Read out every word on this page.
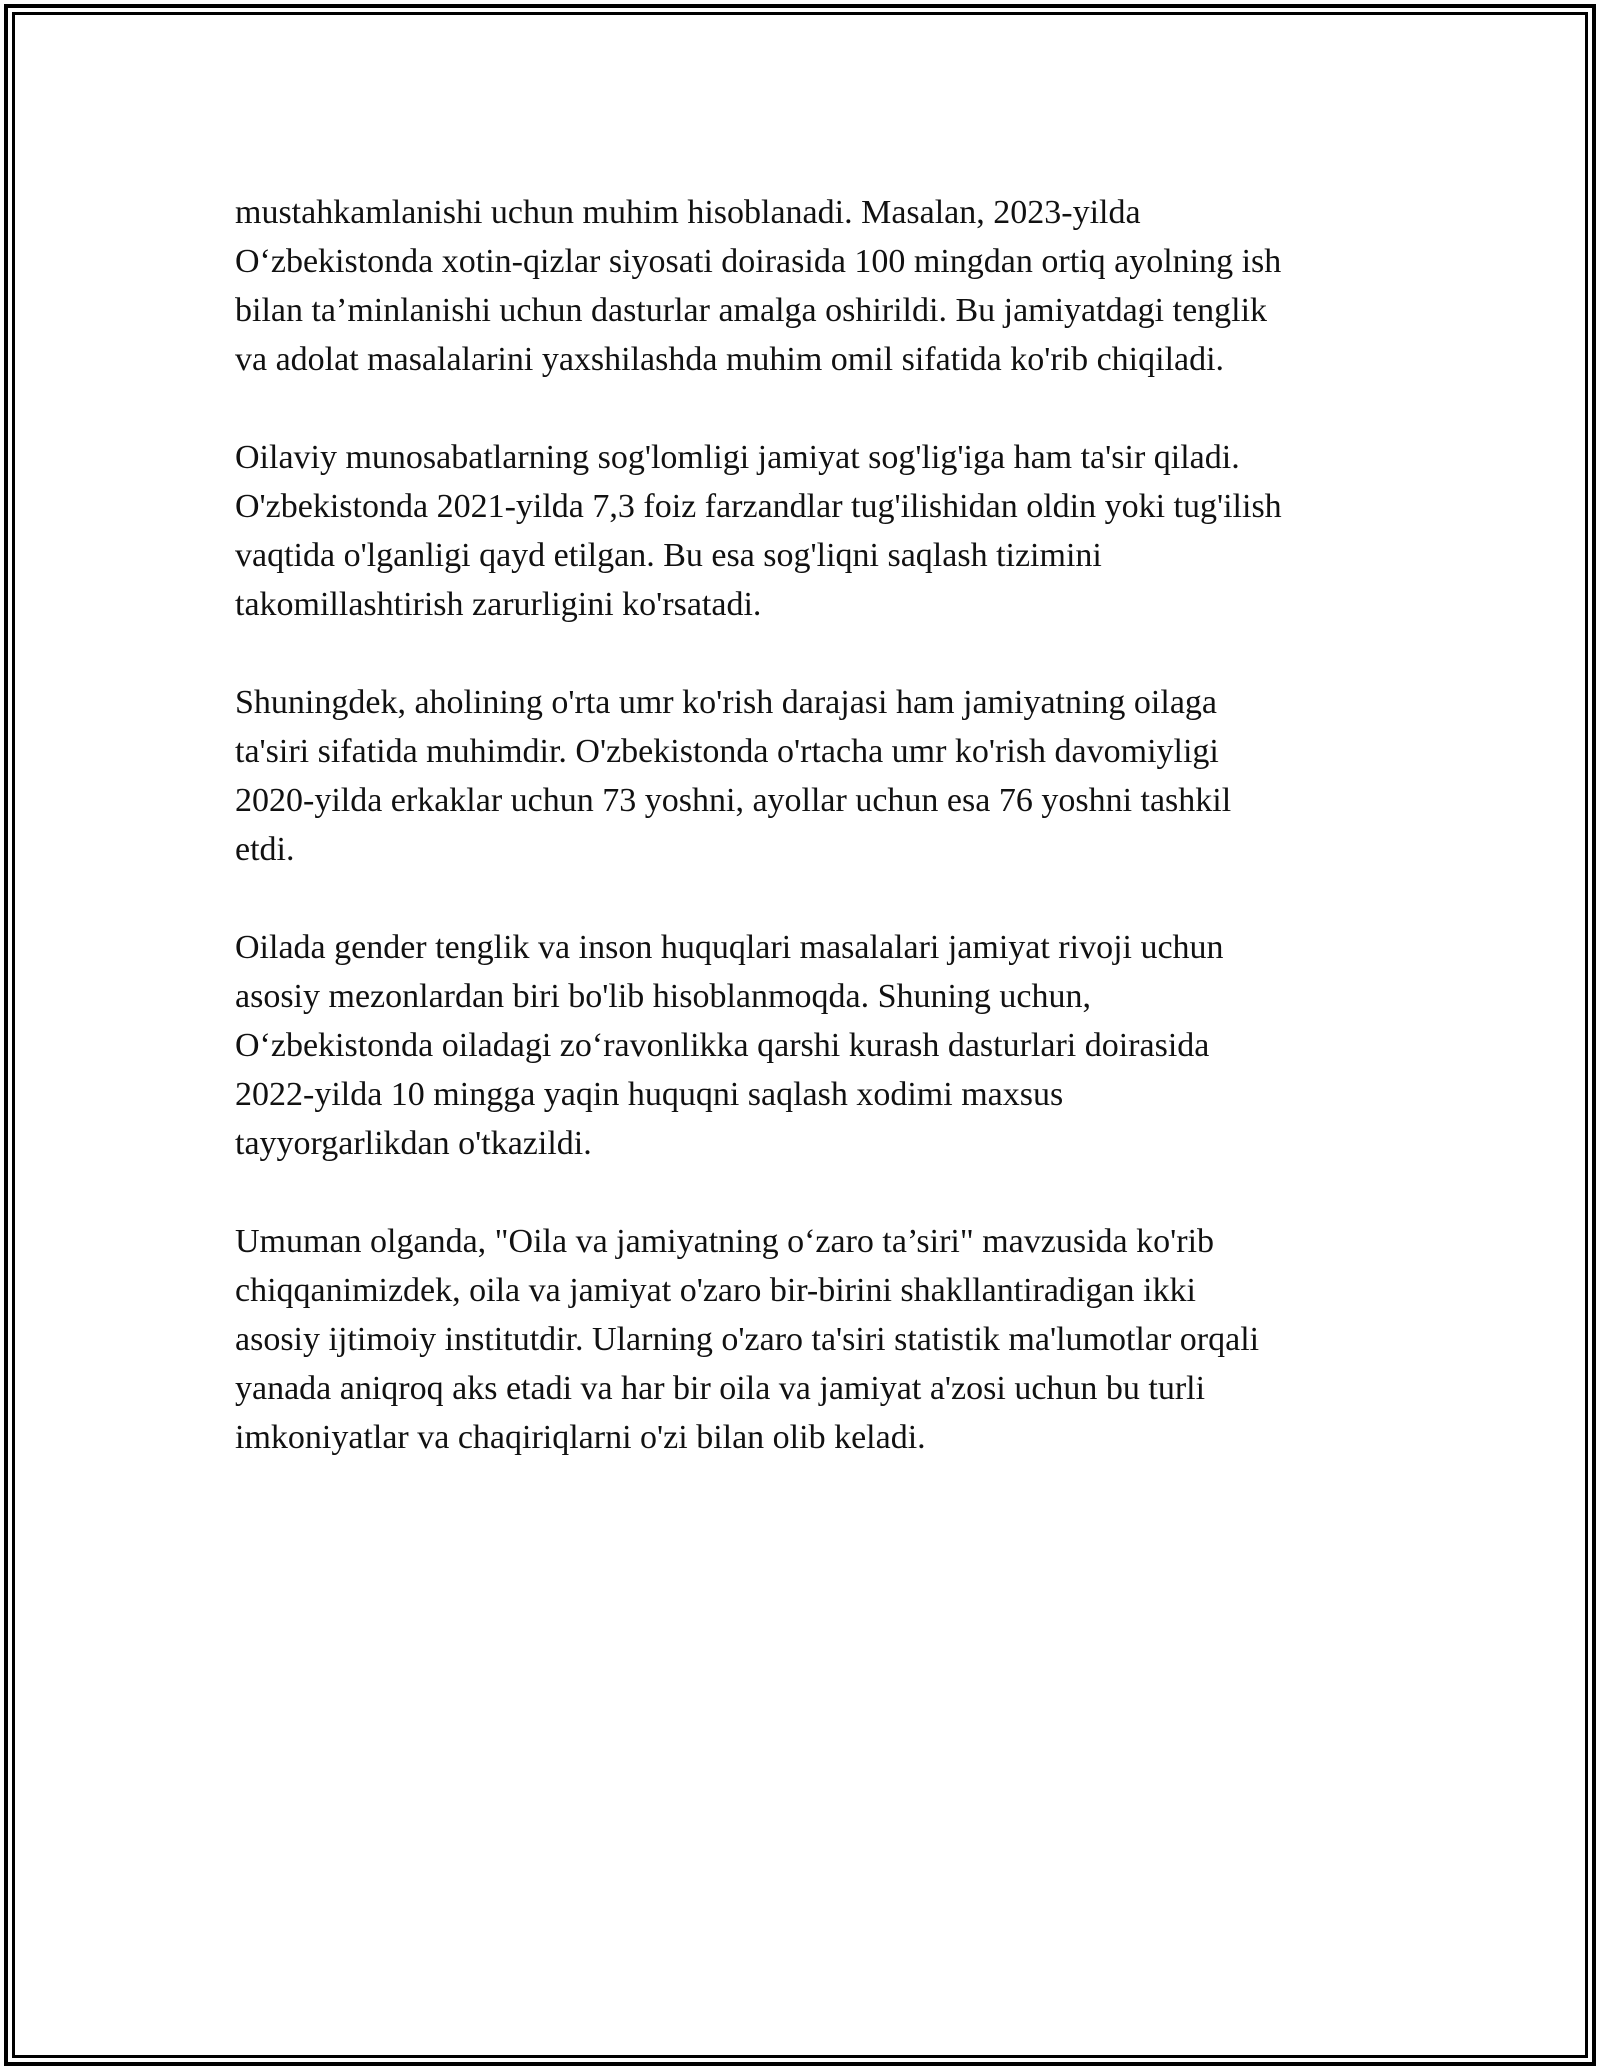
mustahkamlanishi uchun muhim hisoblanadi. Masalan, 2023-yilda
O‘zbekistonda xotin-qizlar siyosati doirasida 100 mingdan ortiq ayolning ish
bilan ta’minlanishi uchun dasturlar amalga oshirildi. Bu jamiyatdagi tenglik
va adolat masalalarini yaxshilashda muhim omil sifatida ko'rib chiqiladi.

Oilaviy munosabatlarning sog'lomligi jamiyat sog'lig'iga ham ta'sir qiladi.
O'zbekistonda 2021-yilda 7,3 foiz farzandlar tug'ilishidan oldin yoki tug'ilish
vaqtida o'lganligi qayd etilgan. Bu esa sog'liqni saqlash tizimini
takomillashtirish zarurligini ko'rsatadi.

Shuningdek, aholining o'rta umr ko'rish darajasi ham jamiyatning oilaga
ta'siri sifatida muhimdir. O'zbekistonda o'rtacha umr ko'rish davomiyligi
2020-yilda erkaklar uchun 73 yoshni, ayollar uchun esa 76 yoshni tashkil
etdi.

Oilada gender tenglik va inson huquqlari masalalari jamiyat rivoji uchun
asosiy mezonlardan biri bo'lib hisoblanmoqda. Shuning uchun,
O‘zbekistonda oiladagi zo‘ravonlikka qarshi kurash dasturlari doirasida
2022-yilda 10 mingga yaqin huquqni saqlash xodimi maxsus
tayyorgarlikdan o'tkazildi.

Umuman olganda, "Oila va jamiyatning o‘zaro ta’siri" mavzusida ko'rib
chiqqanimizdek, oila va jamiyat o'zaro bir-birini shakllantiradigan ikki
asosiy ijtimoiy institutdir. Ularning o'zaro ta'siri statistik ma'lumotlar orqali
yanada aniqroq aks etadi va har bir oila va jamiyat a'zosi uchun bu turli
imkoniyatlar va chaqiriqlarni o'zi bilan olib keladi.
